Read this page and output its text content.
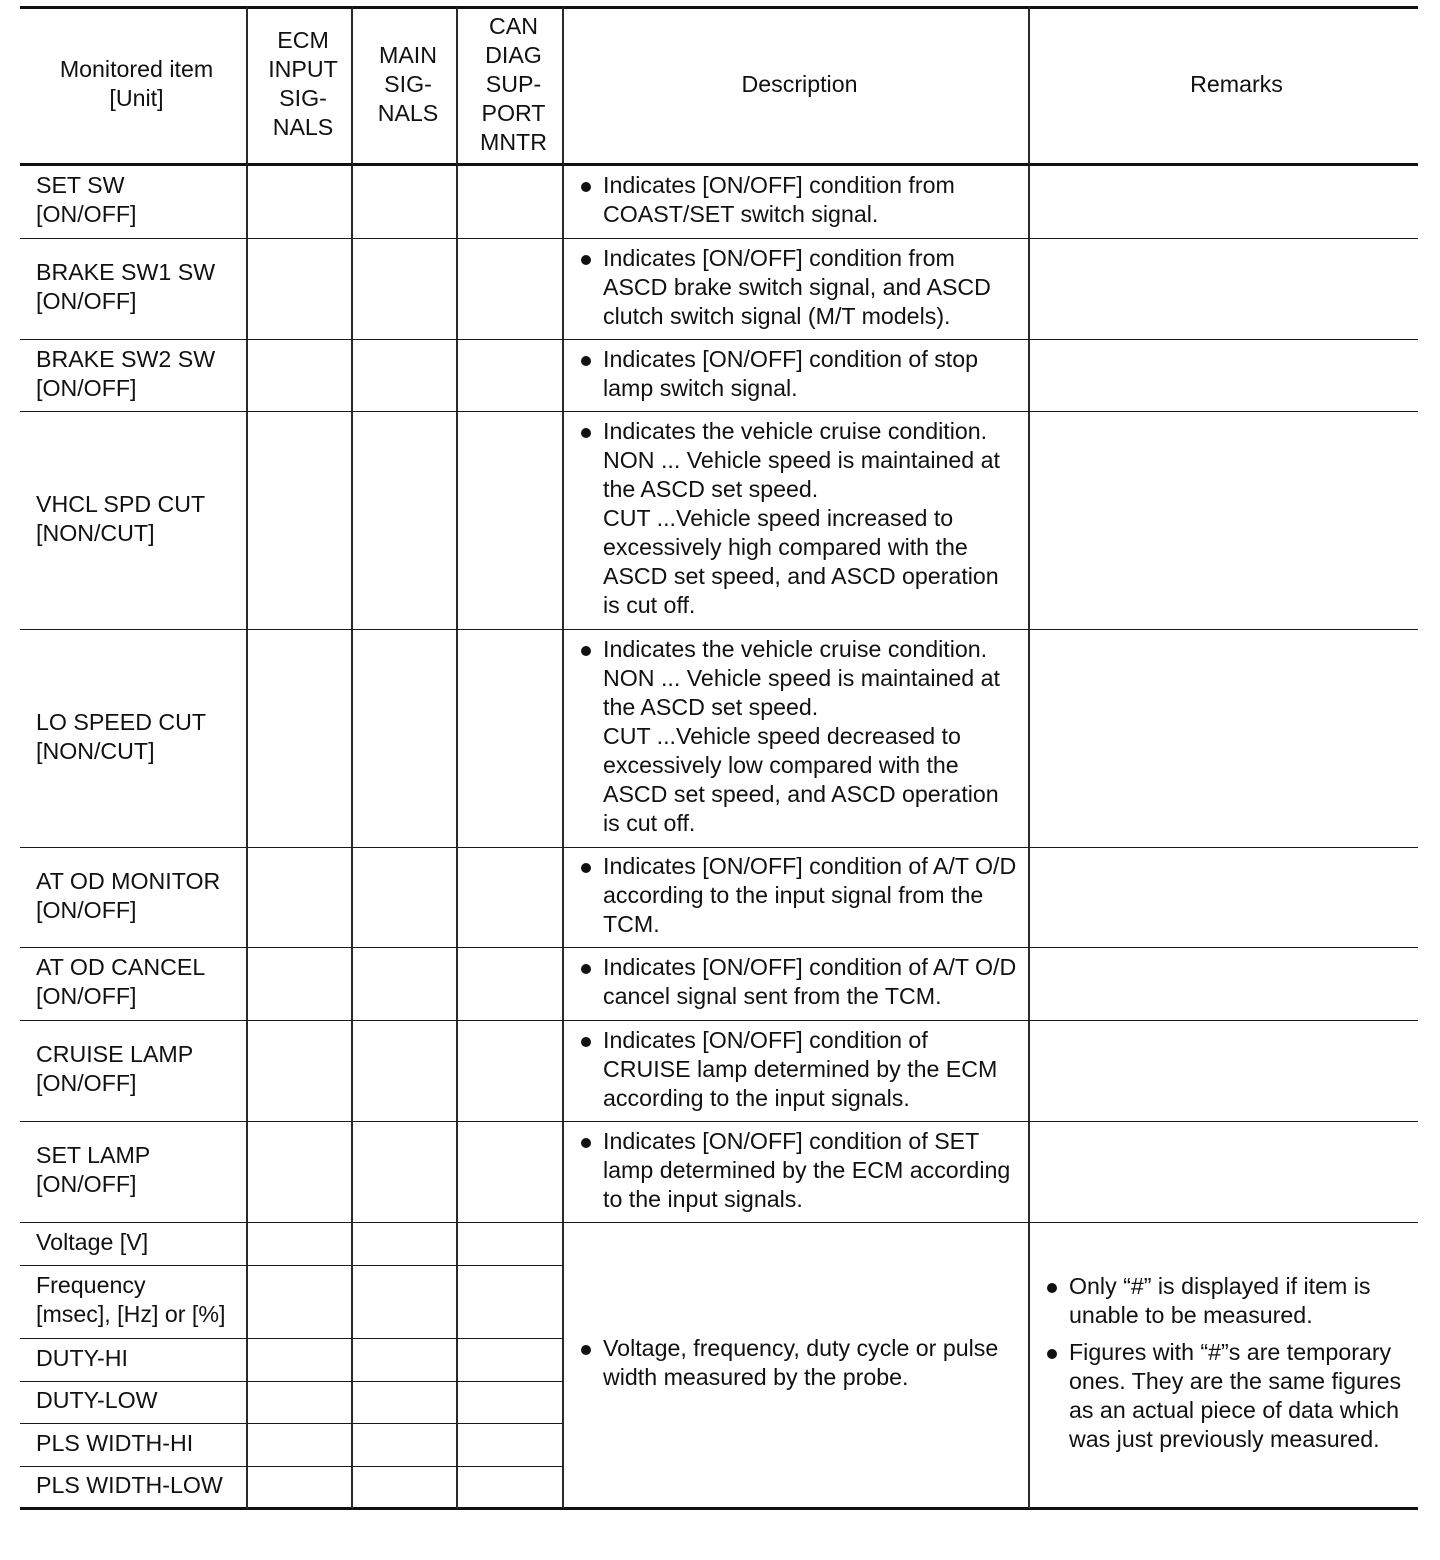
Monitored item
[Unit]
ECM
INPUT
SIG-
NALS
MAIN
SIG-
NALS
CAN
DIAG
SUP-
PORT
MNTR
Description	Remarks
SET SW
[ON/OFF]
Indicates [ON/OFF] condition from
COAST/SET switch signal.
BRAKE SW1 SW
[ON/OFF]
Indicates [ON/OFF] condition from
ASCD brake switch signal, and ASCD
clutch switch signal (M/T models).
BRAKE SW2 SW
[ON/OFF]
Indicates [ON/OFF] condition of stop
lamp switch signal.
VHCL SPD CUT
[NON/CUT]
Indicates the vehicle cruise condition.
NON ... Vehicle speed is maintained at
the ASCD set speed.
CUT ...Vehicle speed increased to
excessively high compared with the
ASCD set speed, and ASCD operation
is cut off.
LO SPEED CUT
[NON/CUT]
Indicates the vehicle cruise condition.
NON ... Vehicle speed is maintained at
the ASCD set speed.
CUT ...Vehicle speed decreased to
excessively low compared with the
ASCD set speed, and ASCD operation
is cut off.
AT OD MONITOR
[ON/OFF]
Indicates [ON/OFF] condition of A/T O/D
according to the input signal from the
TCM.
AT OD CANCEL
[ON/OFF]
Indicates [ON/OFF] condition of A/T O/D
cancel signal sent from the TCM.
CRUISE LAMP
[ON/OFF]
Indicates [ON/OFF] condition of
CRUISE lamp determined by the ECM
according to the input signals.
SET LAMP
[ON/OFF]
Indicates [ON/OFF] condition of SET
lamp determined by the ECM according
to the input signals.
Voltage [V]
Voltage, frequency, duty cycle or pulse
width measured by the probe.
Only “#” is displayed if item is
unable to be measured.
Figures with “#”s are temporary
ones. They are the same figures
as an actual piece of data which
was just previously measured.
Frequency
[msec], [Hz] or [%]
DUTY-HI
DUTY-LOW
PLS WIDTH-HI
PLS WIDTH-LOW
